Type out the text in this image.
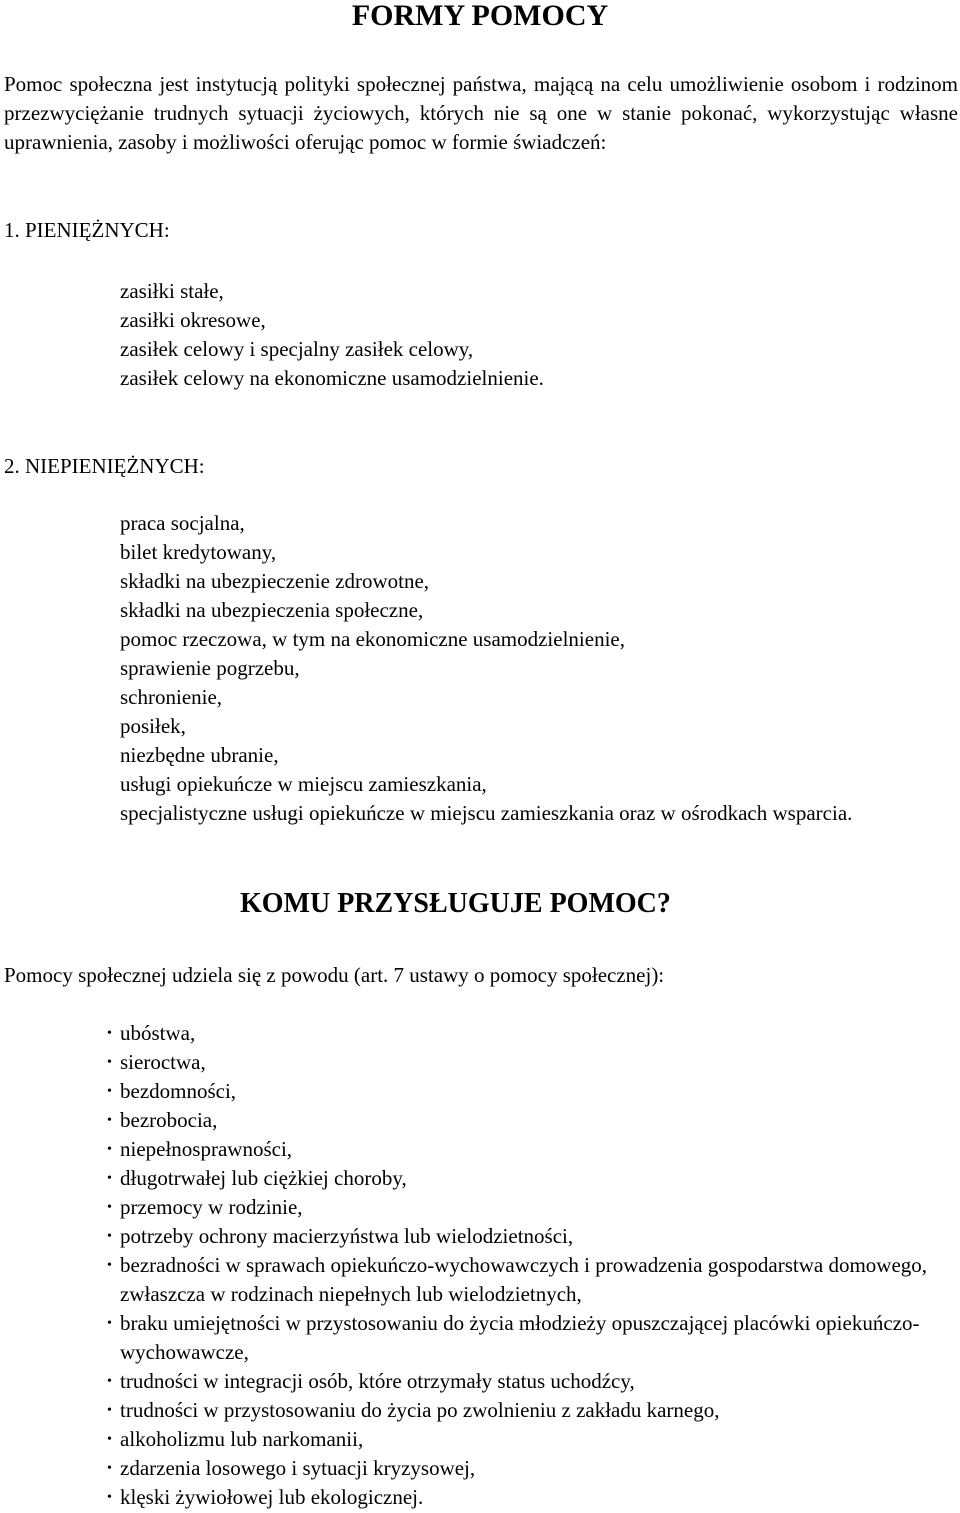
FORMY POMOCY
Pomoc społeczna jest instytucją polityki społecznej państwa, mającą na celu umożliwienie osobom i rodzinom przezwyciężanie trudnych sytuacji życiowych, których nie są one w stanie pokonać, wykorzystując własne uprawnienia, zasoby i możliwości oferując pomoc w formie świadczeń:
1. PIENIĘŻNYCH:
zasiłki stałe,
zasiłki okresowe,
zasiłek celowy i specjalny zasiłek celowy,
zasiłek celowy na ekonomiczne usamodzielnienie.
2. NIEPIENIĘŻNYCH:
praca socjalna,
bilet kredytowany,
składki na ubezpieczenie zdrowotne,
składki na ubezpieczenia społeczne,
pomoc rzeczowa, w tym na ekonomiczne usamodzielnienie,
sprawienie pogrzebu,
schronienie,
posiłek,
niezbędne ubranie,
usługi opiekuńcze w miejscu zamieszkania,
specjalistyczne usługi opiekuńcze w miejscu zamieszkania oraz w ośrodkach wsparcia.
KOMU PRZYSŁUGUJE POMOC?
Pomocy społecznej udziela się z powodu (art. 7 ustawy o pomocy społecznej):
• ubóstwa,
• sieroctwa,
• bezdomności,
• bezrobocia,
• niepełnosprawności,
• długotrwałej lub ciężkiej choroby,
• przemocy w rodzinie,
• potrzeby ochrony macierzyństwa lub wielodzietności,
• bezradności w sprawach opiekuńczo-wychowawczych i prowadzenia gospodarstwa domowego, zwłaszcza w rodzinach niepełnych lub wielodzietnych,
• braku umiejętności w przystosowaniu do życia młodzieży opuszczającej placówki opiekuńczo-wychowawcze,
• trudności w integracji osób, które otrzymały status uchodźcy,
• trudności w przystosowaniu do życia po zwolnieniu z zakładu karnego,
• alkoholizmu lub narkomanii,
• zdarzenia losowego i sytuacji kryzysowej,
• klęski żywiołowej lub ekologicznej.
